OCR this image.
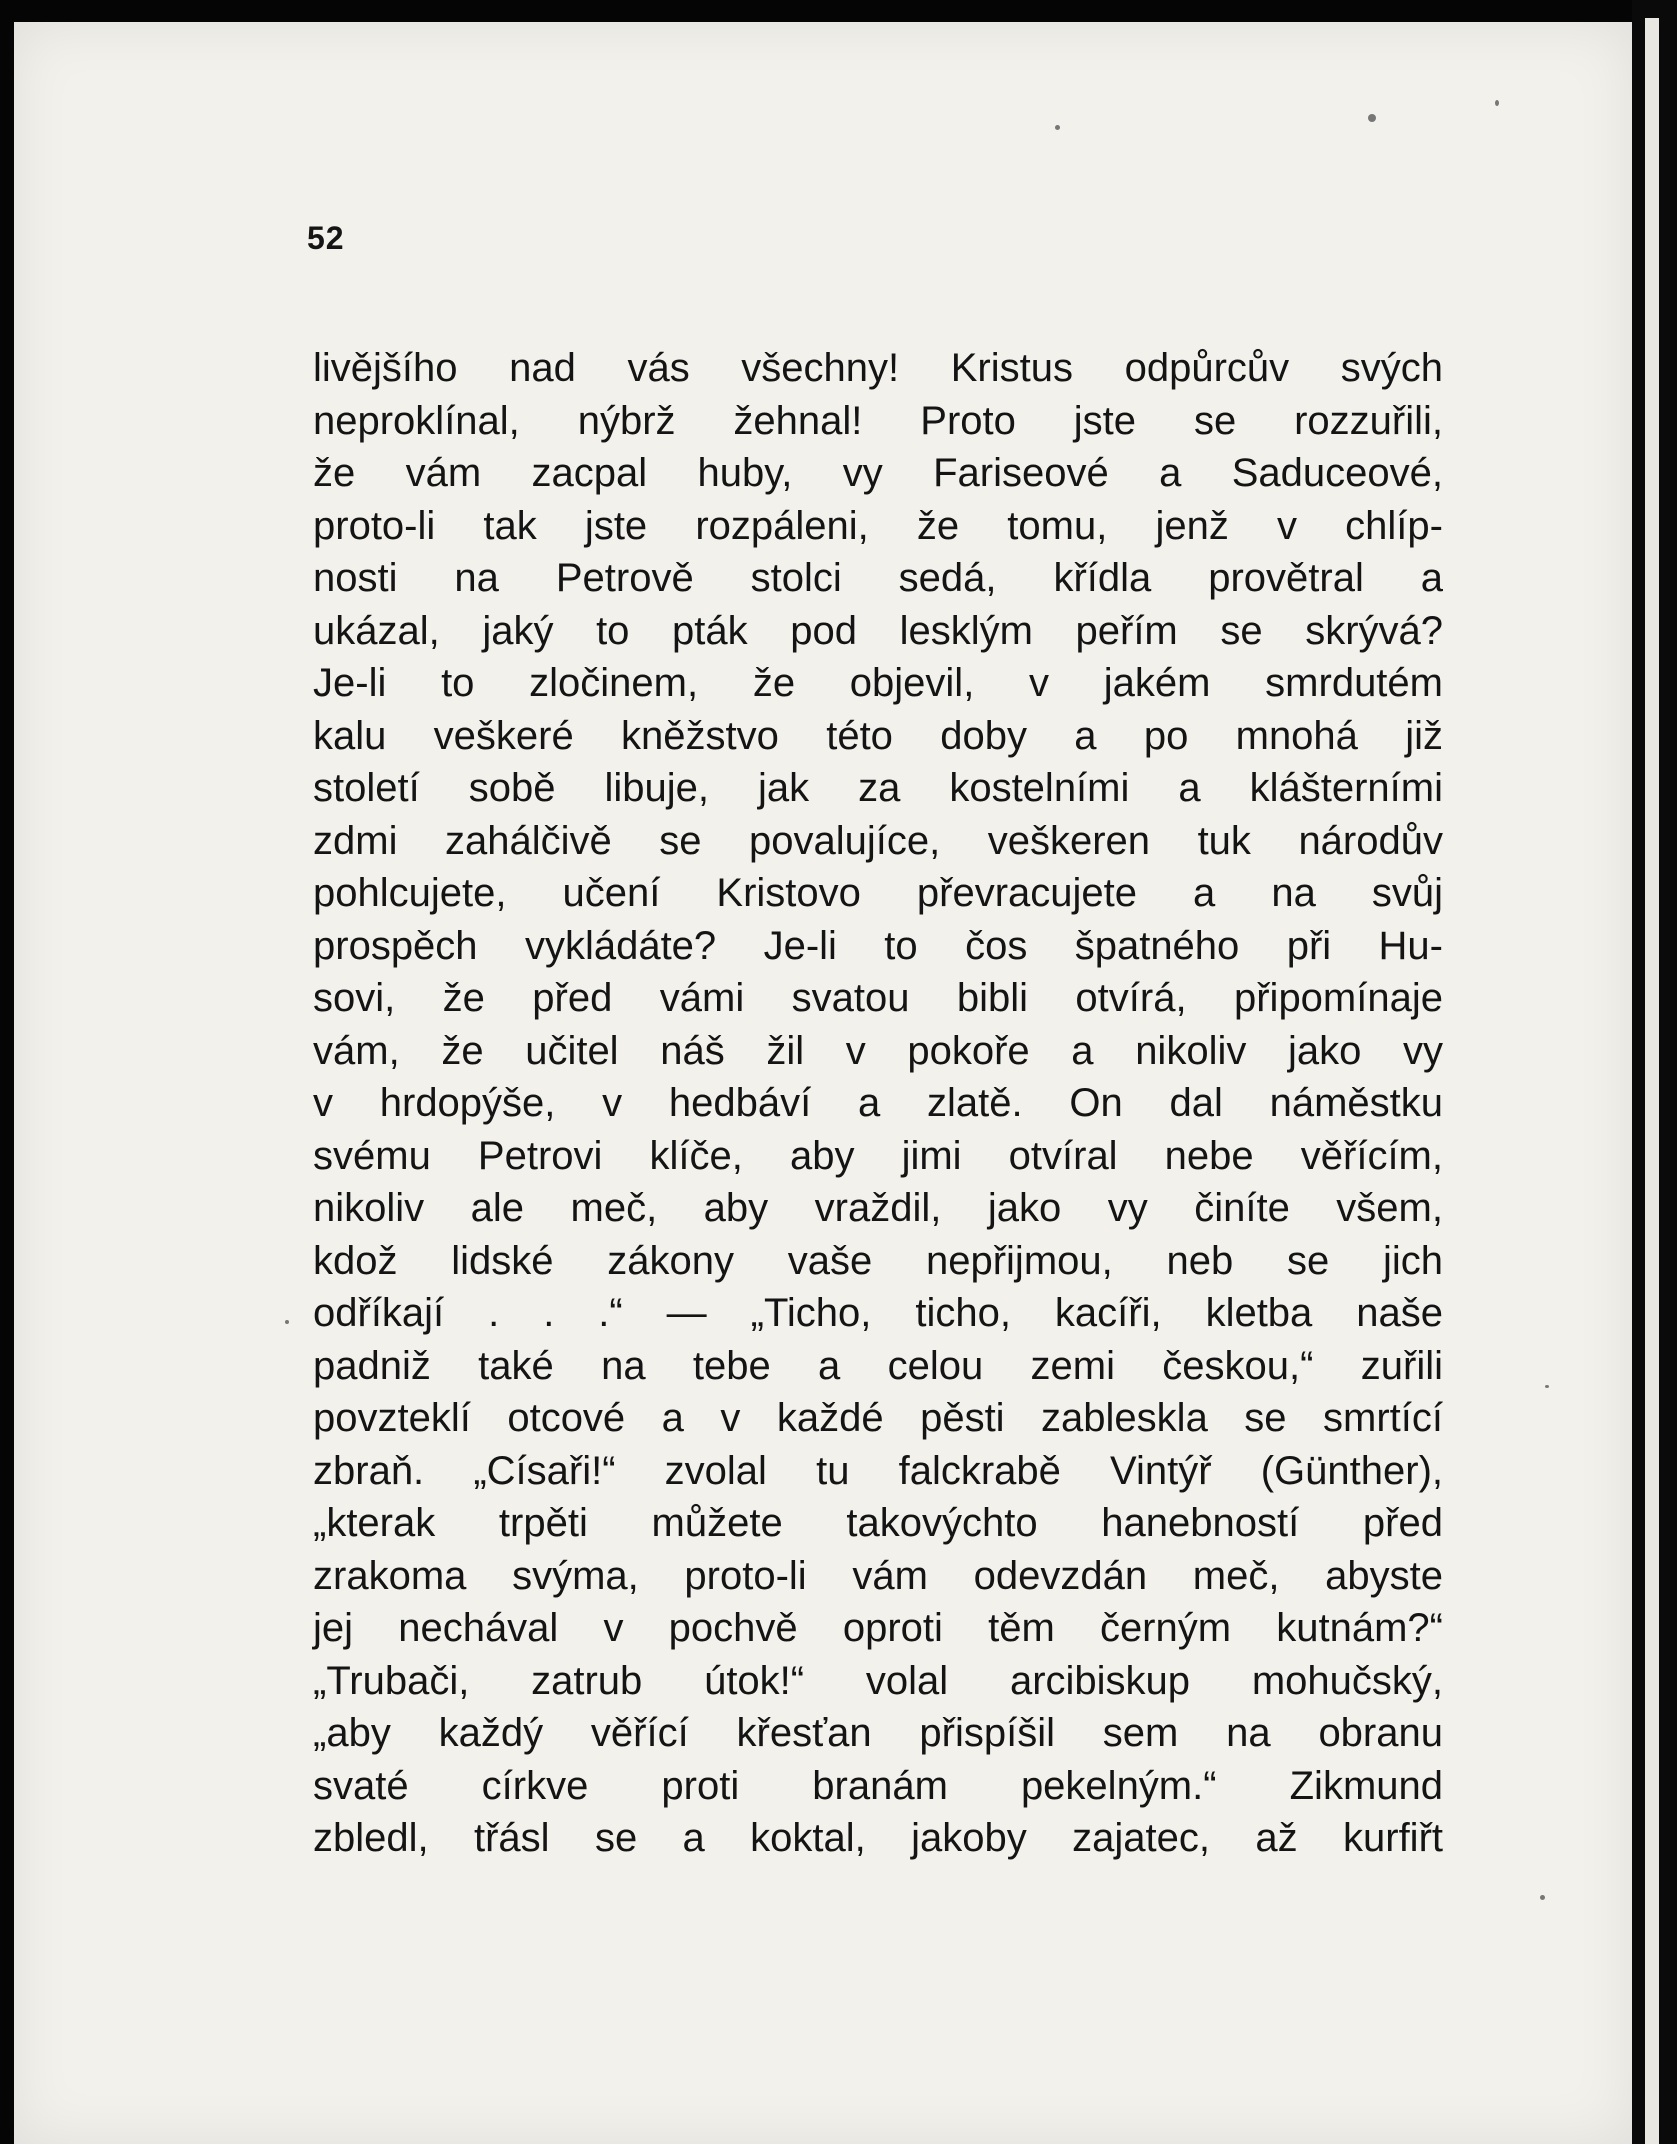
52
livějšího nad vás všechny! Kristus odpůrcův svých
neproklínal, nýbrž žehnal! Proto jste se rozzuřili,
že vám zacpal huby, vy Fariseové a Saduceové,
proto-li tak jste rozpáleni, že tomu, jenž v chlíp-
nosti na Petrově stolci sedá, křídla provětral a
ukázal, jaký to pták pod lesklým peřím se skrývá?
Je-li to zločinem, že objevil, v jakém smrdutém
kalu veškeré kněžstvo této doby a po mnohá již
století sobě libuje, jak za kostelními a klášterními
zdmi zahálčivě se povalujíce, veškeren tuk národův
pohlcujete, učení Kristovo převracujete a na svůj
prospěch vykládáte? Je-li to čos špatného při Hu-
sovi, že před vámi svatou bibli otvírá, připomínaje
vám, že učitel náš žil v pokoře a nikoliv jako vy
v hrdopýše, v hedbáví a zlatě. On dal náměstku
svému Petrovi klíče, aby jimi otvíral nebe věřícím,
nikoliv ale meč, aby vraždil, jako vy činíte všem,
kdož lidské zákony vaše nepřijmou, neb se jich
odříkají . . .“ — „Ticho, ticho, kacíři, kletba naše
padniž také na tebe a celou zemi českou,“ zuřili
povzteklí otcové a v každé pěsti zableskla se smrtící
zbraň. „Císaři!“ zvolal tu falckrabě Vintýř (Günther),
„kterak trpěti můžete takovýchto hanebností před
zrakoma svýma, proto-li vám odevzdán meč, abyste
jej nechával v pochvě oproti těm černým kutnám?“
„Trubači, zatrub útok!“ volal arcibiskup mohučský,
„aby každý věřící křesťan přispíšil sem na obranu
svaté církve proti branám pekelným.“ Zikmund
zbledl, třásl se a koktal, jakoby zajatec, až kurfiřt
